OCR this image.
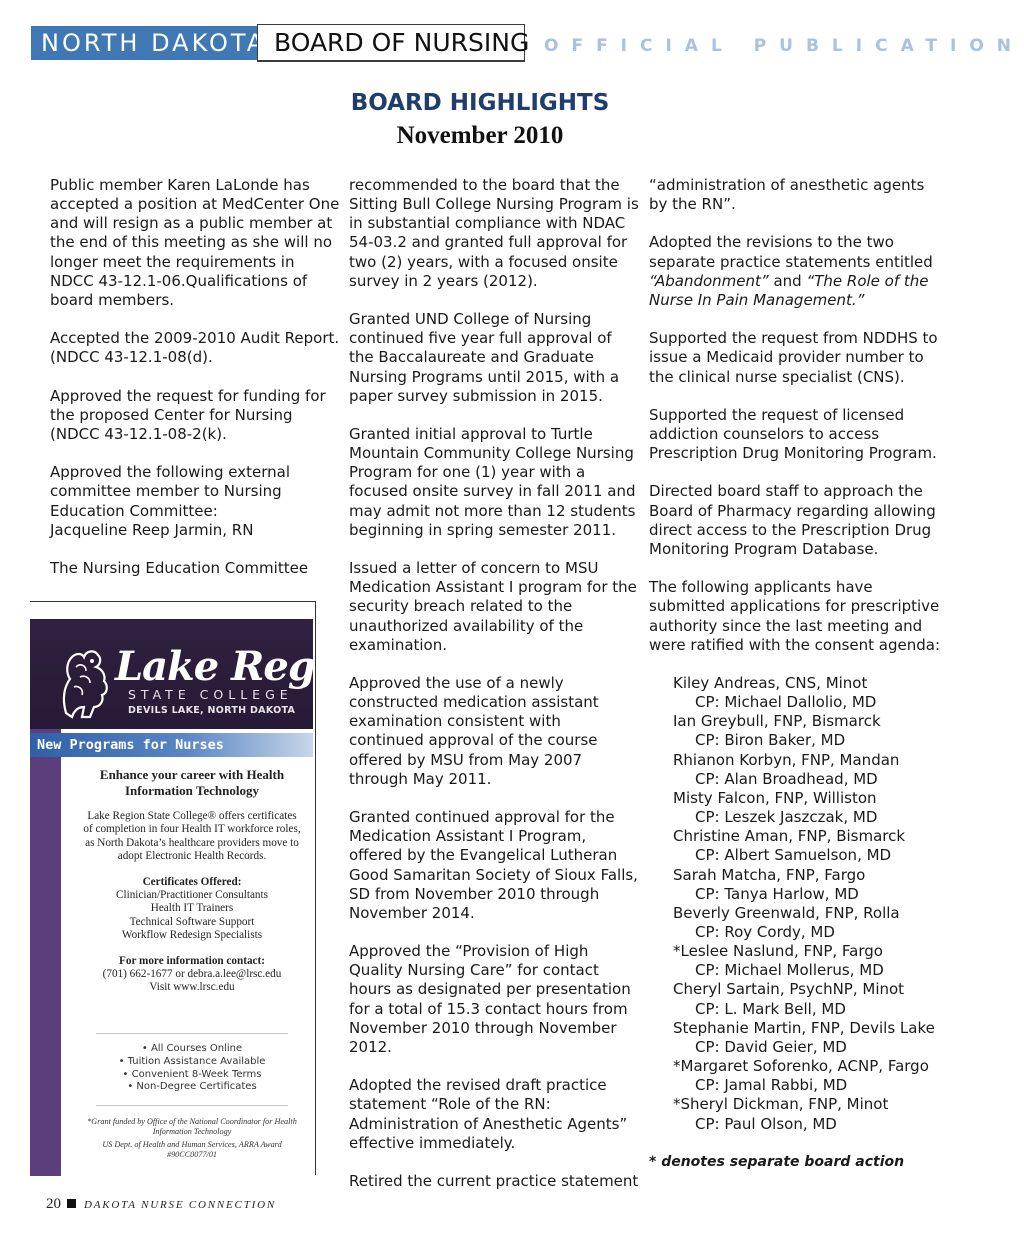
NORTH DAKOTA BOARD OF NURSING OFFICIAL PUBLICATION
BOARD HIGHLIGHTS
November 2010

Public member Karen LaLonde has accepted a position at MedCenter One and will resign as a public member at the end of this meeting as she will no longer meet the requirements in NDCC 43-12.1-06.Qualifications of board members.

Accepted the 2009-2010 Audit Report. (NDCC 43-12.1-08(d).

Approved the request for funding for the proposed Center for Nursing (NDCC 43-12.1-08-2(k).

Approved the following external committee member to Nursing Education Committee:
Jacqueline Reep Jarmin, RN

The Nursing Education Committee

recommended to the board that the Sitting Bull College Nursing Program is in substantial compliance with NDAC 54-03.2 and granted full approval for two (2) years, with a focused onsite survey in 2 years (2012).

Granted UND College of Nursing continued five year full approval of the Baccalaureate and Graduate Nursing Programs until 2015, with a paper survey submission in 2015.

Granted initial approval to Turtle Mountain Community College Nursing Program for one (1) year with a focused onsite survey in fall 2011 and may admit not more than 12 students beginning in spring semester 2011.

Issued a letter of concern to MSU Medication Assistant I program for the security breach related to the unauthorized availability of the examination.

Approved the use of a newly constructed medication assistant examination consistent with continued approval of the course offered by MSU from May 2007 through May 2011.

Granted continued approval for the Medication Assistant I Program, offered by the Evangelical Lutheran Good Samaritan Society of Sioux Falls, SD from November 2010 through November 2014.

Approved the “Provision of High Quality Nursing Care” for contact hours as designated per presentation for a total of 15.3 contact hours from November 2010 through November 2012.

Adopted the revised draft practice statement “Role of the RN: Administration of Anesthetic Agents” effective immediately.

Retired the current practice statement

“administration of anesthetic agents by the RN”.

Adopted the revisions to the two separate practice statements entitled “Abandonment” and “The Role of the Nurse In Pain Management.”

Supported the request from NDDHS to issue a Medicaid provider number to the clinical nurse specialist (CNS).

Supported the request of licensed addiction counselors to access Prescription Drug Monitoring Program.

Directed board staff to approach the Board of Pharmacy regarding allowing direct access to the Prescription Drug Monitoring Program Database.

The following applicants have submitted applications for prescriptive authority since the last meeting and were ratified with the consent agenda:

Kiley Andreas, CNS, Minot
CP: Michael Dallolio, MD
Ian Greybull, FNP, Bismarck
CP: Biron Baker, MD
Rhianon Korbyn, FNP, Mandan
CP: Alan Broadhead, MD
Misty Falcon, FNP, Williston
CP: Leszek Jaszczak, MD
Christine Aman, FNP, Bismarck
CP: Albert Samuelson, MD
Sarah Matcha, FNP, Fargo
CP: Tanya Harlow, MD
Beverly Greenwald, FNP, Rolla
CP: Roy Cordy, MD
*Leslee Naslund, FNP, Fargo
CP: Michael Mollerus, MD
Cheryl Sartain, PsychNP, Minot
CP: L. Mark Bell, MD
Stephanie Martin, FNP, Devils Lake
CP: David Geier, MD
*Margaret Soforenko, ACNP, Fargo
CP: Jamal Rabbi, MD
*Sheryl Dickman, FNP, Minot
CP: Paul Olson, MD

* denotes separate board action

Lake Region
STATE COLLEGE
DEVILS LAKE, NORTH DAKOTA
New Programs for Nurses

Enhance your career with Health Information Technology

Lake Region State College® offers certificates of completion in four Health IT workforce roles, as North Dakota’s healthcare providers move to adopt Electronic Health Records.

Certificates Offered:
Clinician/Practitioner Consultants
Health IT Trainers
Technical Software Support
Workflow Redesign Specialists

For more information contact:
(701) 662-1677 or debra.a.lee@lrsc.edu
Visit www.lrsc.edu

• All Courses Online
• Tuition Assistance Available
• Convenient 8-Week Terms
• Non-Degree Certificates
*Grant funded by Office of the National Coordinator for Health Information Technology
US Dept. of Health and Human Services, ARRA Award #90CC0077/01
20 DAKOTA NURSE CONNECTION
